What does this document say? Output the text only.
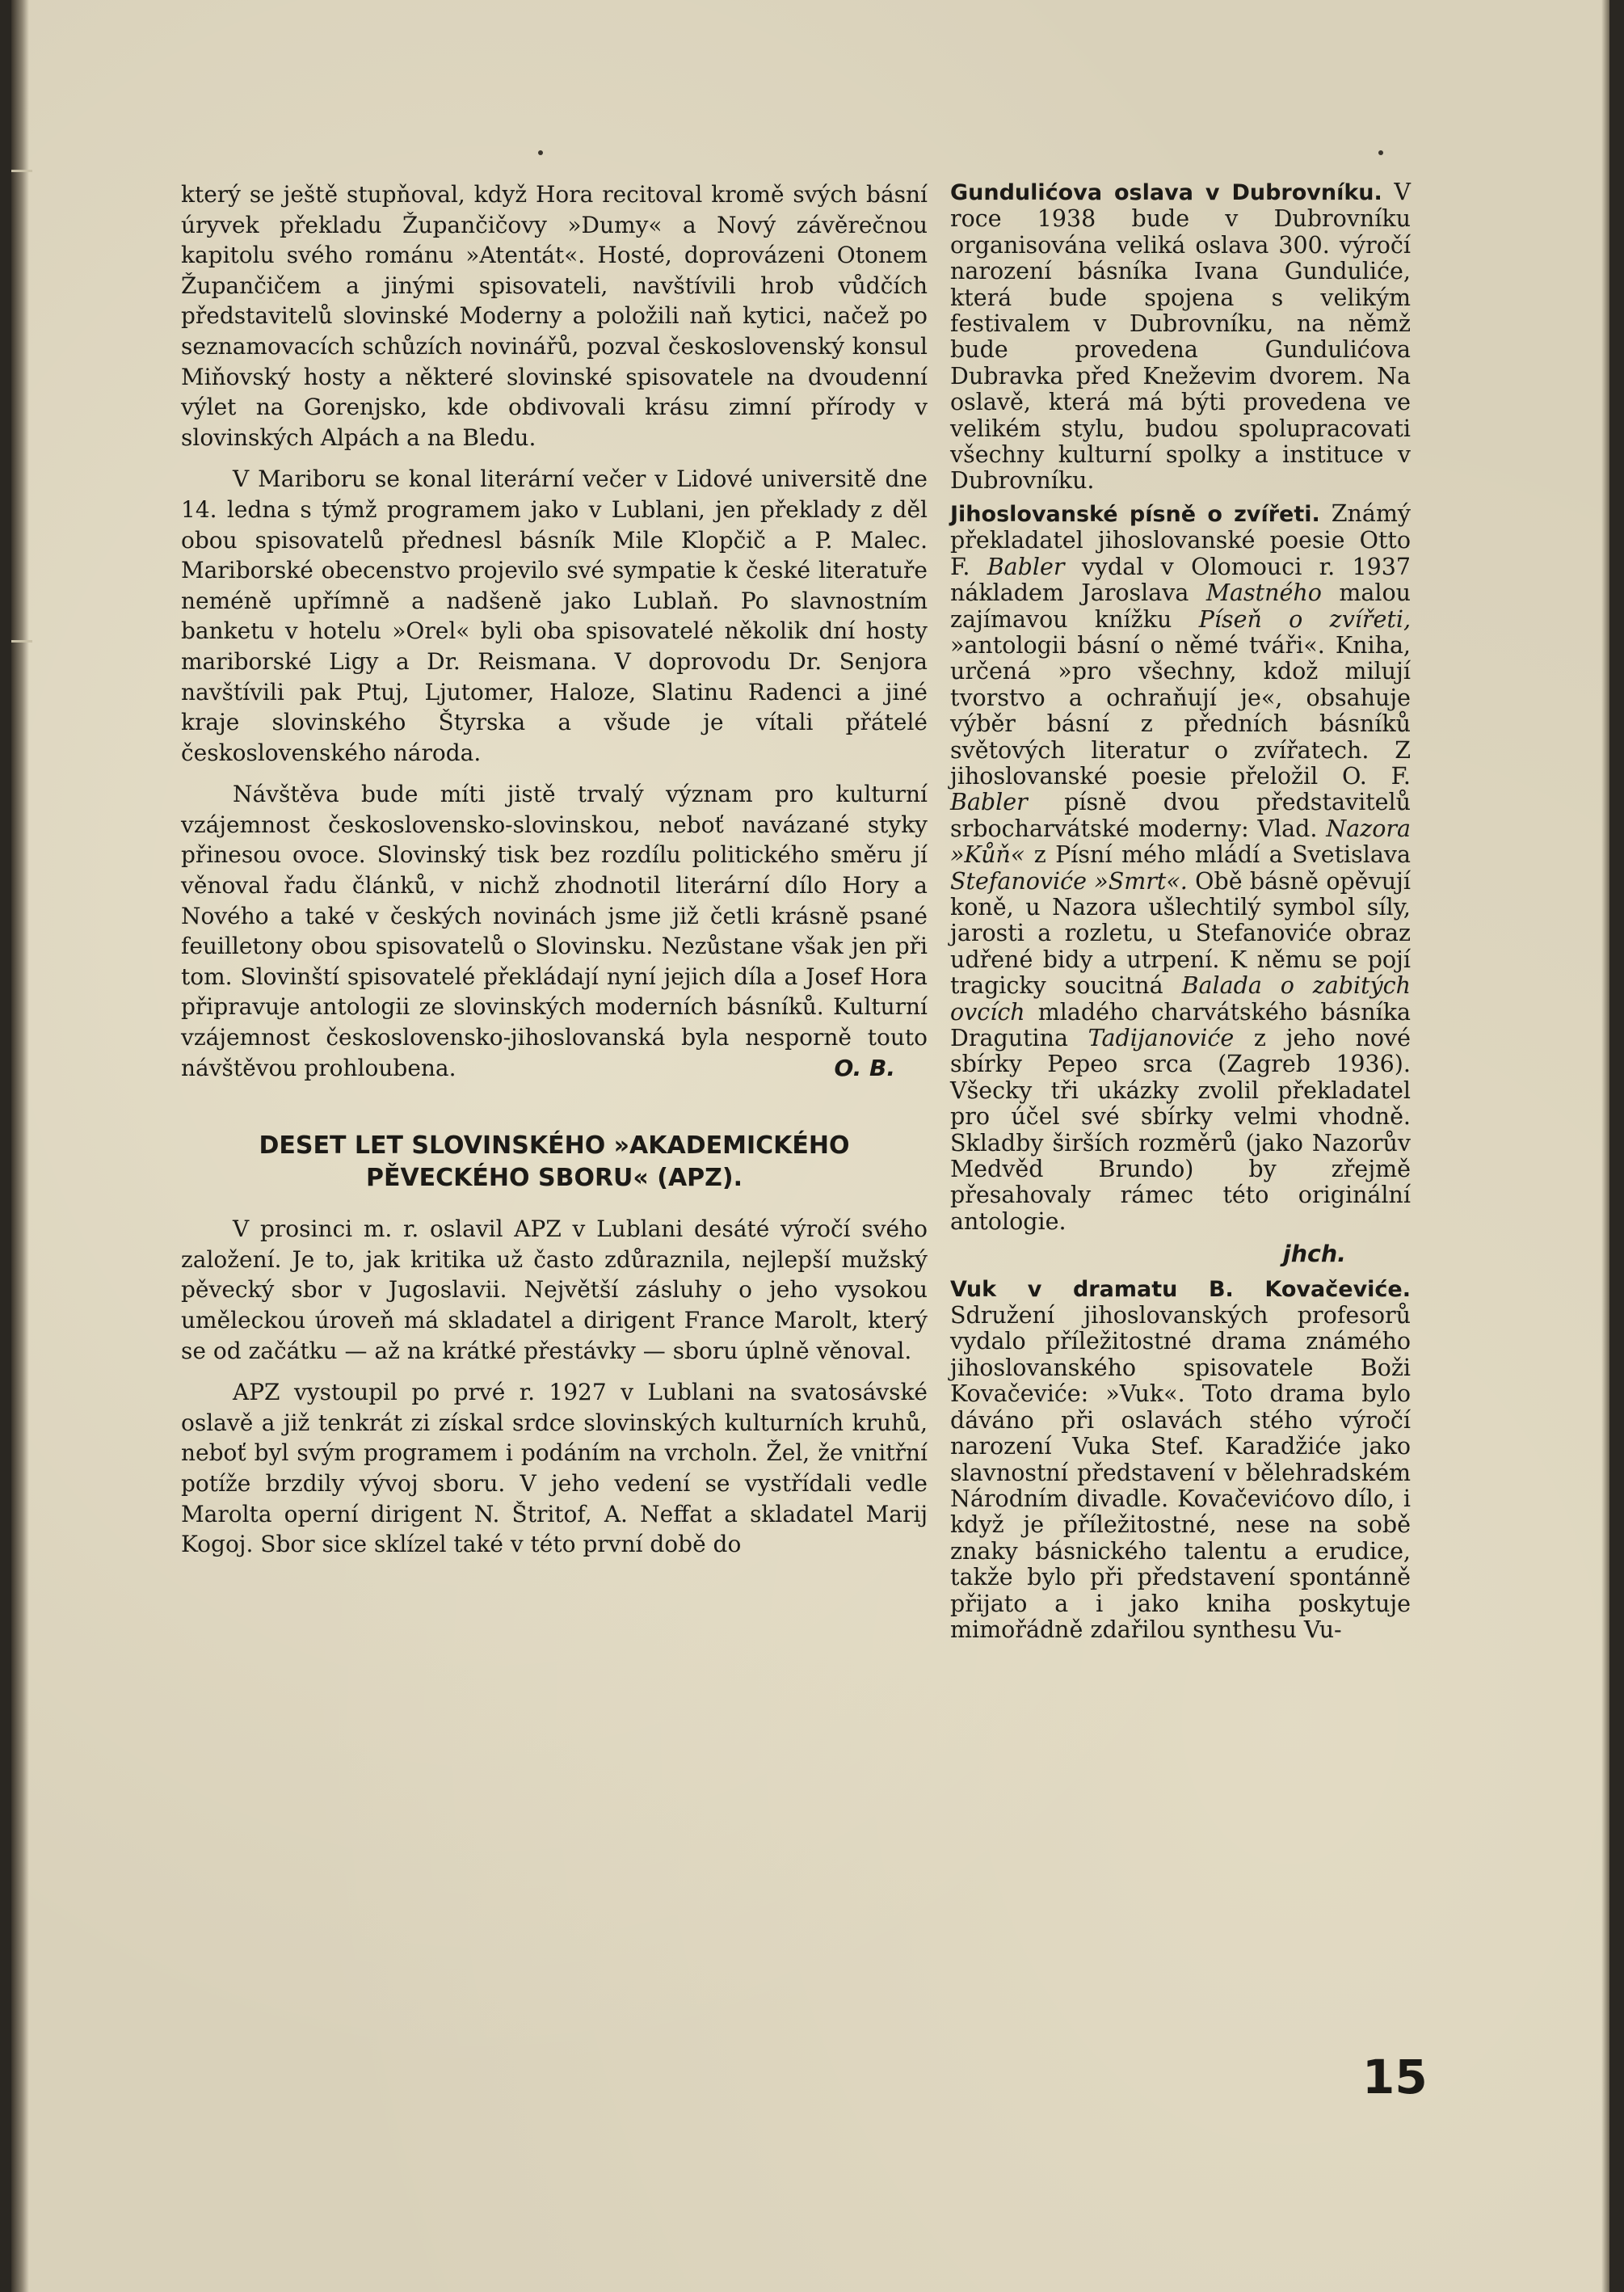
který se ještě stupňoval, když Hora recitoval kromě svých básní úryvek překladu Župančičovy »Dumy« a Nový závěrečnou kapitolu svého románu »Atentát«. Hosté, doprovázeni Otonem Župančičem a jinými spisovateli, navštívili hrob vůdčích představitelů slovinské Moderny a položili naň kytici, načež po seznamovacích schůzích novinářů, pozval československý konsul Miňovský hosty a některé slovinské spisovatele na dvoudenní výlet na Gorenjsko, kde obdivovali krásu zimní přírody v slovinských Alpách a na Bledu.

V Mariboru se konal literární večer v Lidové universitě dne 14. ledna s týmž programem jako v Lublani, jen překlady z děl obou spisovatelů přednesl básník Mile Klopčič a P. Malec. Mariborské obecenstvo projevilo své sympatie k české literatuře neméně upřímně a nadšeně jako Lublaň. Po slavnostním banketu v hotelu »Orel« byli oba spisovatelé několik dní hosty mariborské Ligy a Dr. Reismana. V doprovodu Dr. Senjora navštívili pak Ptuj, Ljutomer, Haloze, Slatinu Radenci a jiné kraje slovinského Štyrska a všude je vítali přátelé československého národa.

Návštěva bude míti jistě trvalý význam pro kulturní vzájemnost československo-slovinskou, neboť navázané styky přinesou ovoce. Slovinský tisk bez rozdílu politického směru jí věnoval řadu článků, v nichž zhodnotil literární dílo Hory a Nového a také v českých novinách jsme již četli krásně psané feuilletony obou spisovatelů o Slovinsku. Nezůstane však jen při tom. Slovinští spisovatelé překládají nyní jejich díla a Josef Hora připravuje antologii ze slovinských moderních básníků. Kulturní vzájemnost československo-jihoslovanská byla nesporně touto návštěvou prohloubena.	O. B.

DESET LET SLOVINSKÉHO »AKADEMICKÉHO
PĚVECKÉHO SBORU« (APZ).

V prosinci m. r. oslavil APZ v Lublani desáté výročí svého založení. Je to, jak kritika už často zdůraznila, nejlepší mužský pěvecký sbor v Jugoslavii. Největší zásluhy o jeho vysokou uměleckou úroveň má skladatel a dirigent France Marolt, který se od začátku — až na krátké přestávky — sboru úplně věnoval.

APZ vystoupil po prvé r. 1927 v Lublani na svatosávské oslavě a již tenkrát zi získal srdce slovinských kulturních kruhů, neboť byl svým programem i podáním na vrcholn. Žel, že vnitřní potíže brzdily vývoj sboru. V jeho vedení se vystřídali vedle Marolta operní dirigent N. Štritof, A. Neffat a skladatel Marij Kogoj. Sbor sice sklízel také v této první době do

Gundulićova oslava v Dubrovníku. V roce 1938 bude v Dubrovníku organisována veliká oslava 300. výročí narození básníka Ivana Gunduliće, která bude spojena s velikým festivalem v Dubrovníku, na němž bude provedena Gundulićova Dubravka před Kneževim dvorem. Na oslavě, která má býti provedena ve velikém stylu, budou spolupracovati všechny kulturní spolky a instituce v Dubrovníku.

Jihoslovanské písně o zvířeti. Známý překladatel jihoslovanské poesie Otto F. Babler vydal v Olomouci r. 1937 nákladem Jaroslava Mastného malou zajímavou knížku Píseň o zvířeti, »antologii básní o němé tváři«. Kniha, určená »pro všechny, kdož milují tvorstvo a ochraňují je«, obsahuje výběr básní z předních básníků světových literatur o zvířatech. Z jihoslovanské poesie přeložil O. F. Babler písně dvou představitelů srbocharvátské moderny: Vlad. Nazora »Kůň« z Písní mého mládí a Svetislava Stefanoviće »Smrt«. Obě básně opěvují koně, u Nazora ušlechtilý symbol síly, jarosti a rozletu, u Stefanoviće obraz udřené bidy a utrpení. K němu se pojí tragicky soucitná Balada o zabitých ovcích mladého charvátského básníka Dragutina Tadijanoviće z jeho nové sbírky Pepeo srca (Zagreb 1936). Všecky tři ukázky zvolil překladatel pro účel své sbírky velmi vhodně. Skladby širších rozměrů (jako Nazorův Medvěd Brundo) by zřejmě přesahovaly rámec této originální antologie.

jhch.

Vuk v dramatu B. Kovačeviće. Sdružení jihoslovanských profesorů vydalo příležitostné drama známého jihoslovanského spisovatele Boži Kovačeviće: »Vuk«. Toto drama bylo dáváno při oslavách stého výročí narození Vuka Stef. Karadžiće jako slavnostní představení v bělehradském Národním divadle. Kovačevićovo dílo, i když je příležitostné, nese na sobě znaky básnického talentu a erudice, takže bylo při představení spontánně přijato a i jako kniha poskytuje mimořádně zdařilou synthesu Vu-

15
